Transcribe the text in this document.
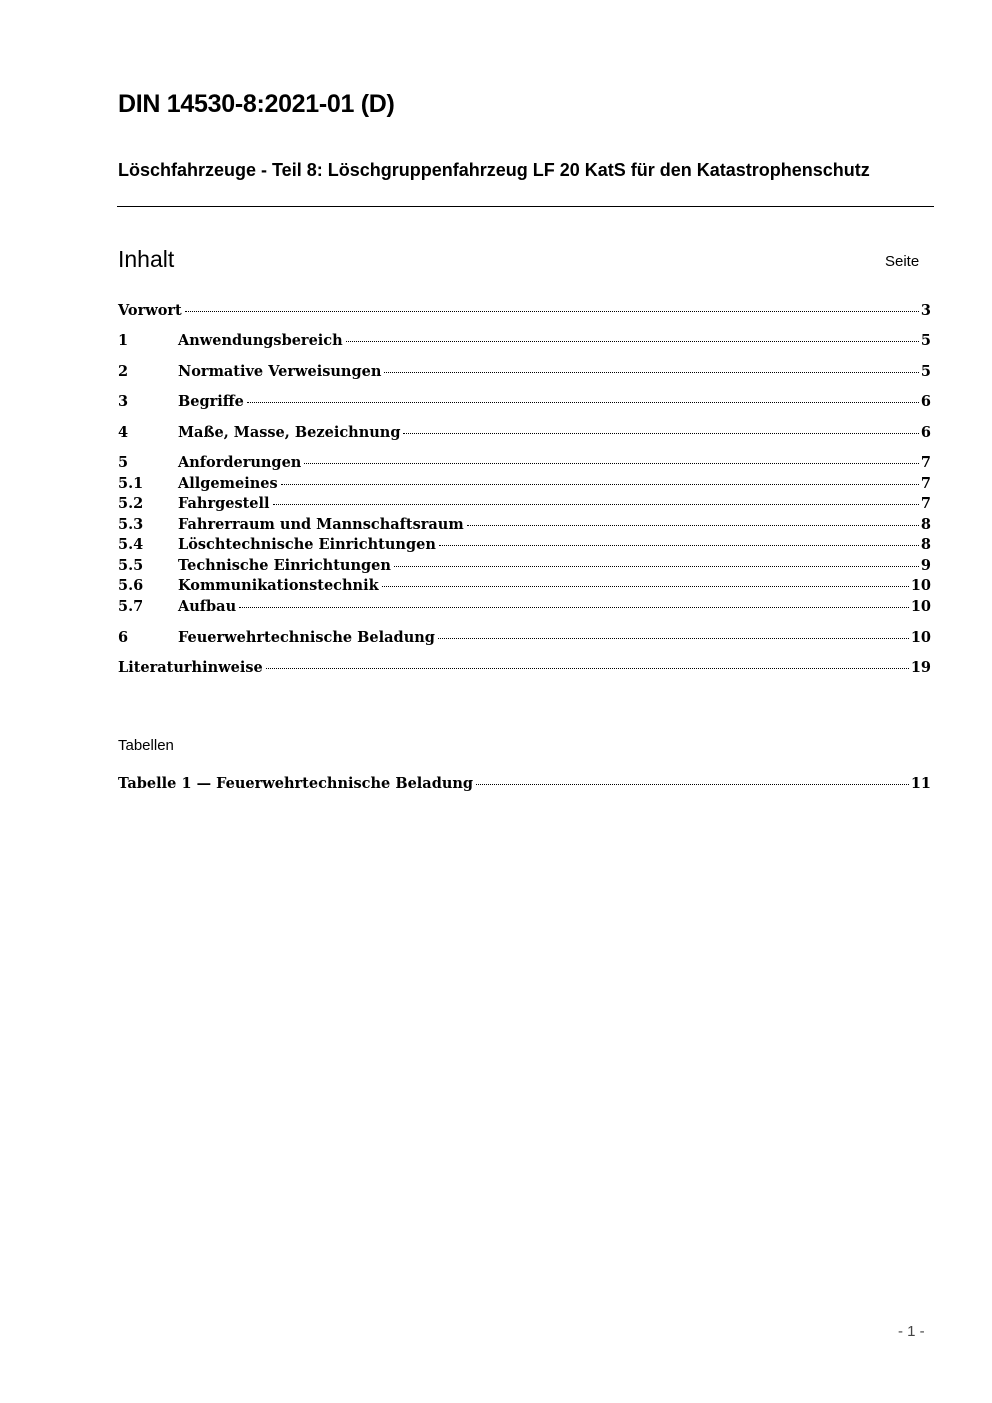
DIN 14530-8:2021-01 (D)
Löschfahrzeuge - Teil 8: Löschgruppenfahrzeug LF 20 KatS für den Katastrophenschutz
Inhalt	Seite
Vorwort	3
1	Anwendungsbereich	5
2	Normative Verweisungen	5
3	Begriffe	6
4	Maße, Masse, Bezeichnung	6
5	Anforderungen	7
5.1	Allgemeines	7
5.2	Fahrgestell	7
5.3	Fahrerraum und Mannschaftsraum	8
5.4	Löschtechnische Einrichtungen	8
5.5	Technische Einrichtungen	9
5.6	Kommunikationstechnik	10
5.7	Aufbau	10
6	Feuerwehrtechnische Beladung	10
Literaturhinweise	19
Tabellen
Tabelle 1 — Feuerwehrtechnische Beladung	11
- 1 -
